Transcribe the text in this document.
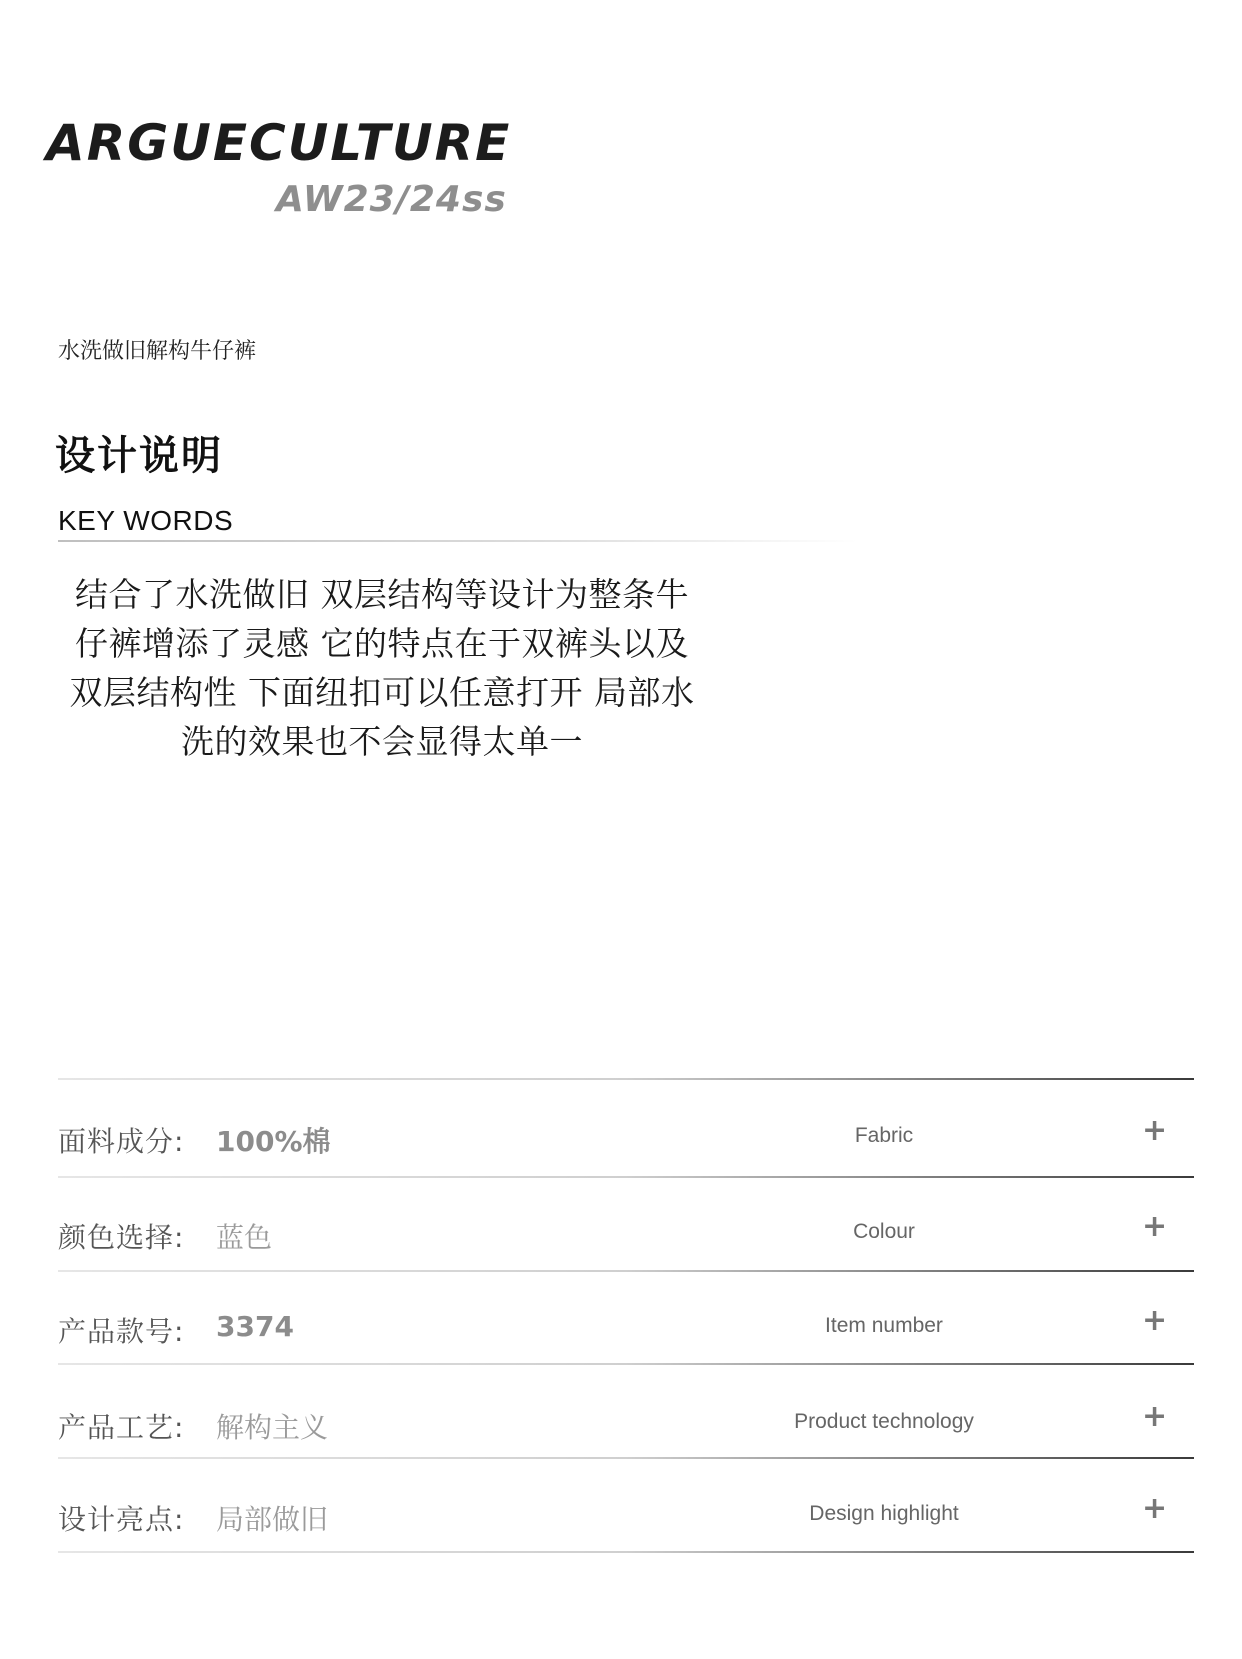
ARGUECULTURE
AW23/24ss
水洗做旧解构牛仔裤
设计说明
KEY WORDS
结合了水洗做旧 双层结构等设计为整条牛
仔裤增添了灵感 它的特点在于双裤头以及
双层结构性 下面纽扣可以任意打开 局部水
洗的效果也不会显得太单一
面料成分: 100%棉	Fabric	+
颜色选择: 蓝色	Colour	+
产品款号: 3374	Item number	+
产品工艺: 解构主义	Product technology	+
设计亮点: 局部做旧	Design highlight	+
